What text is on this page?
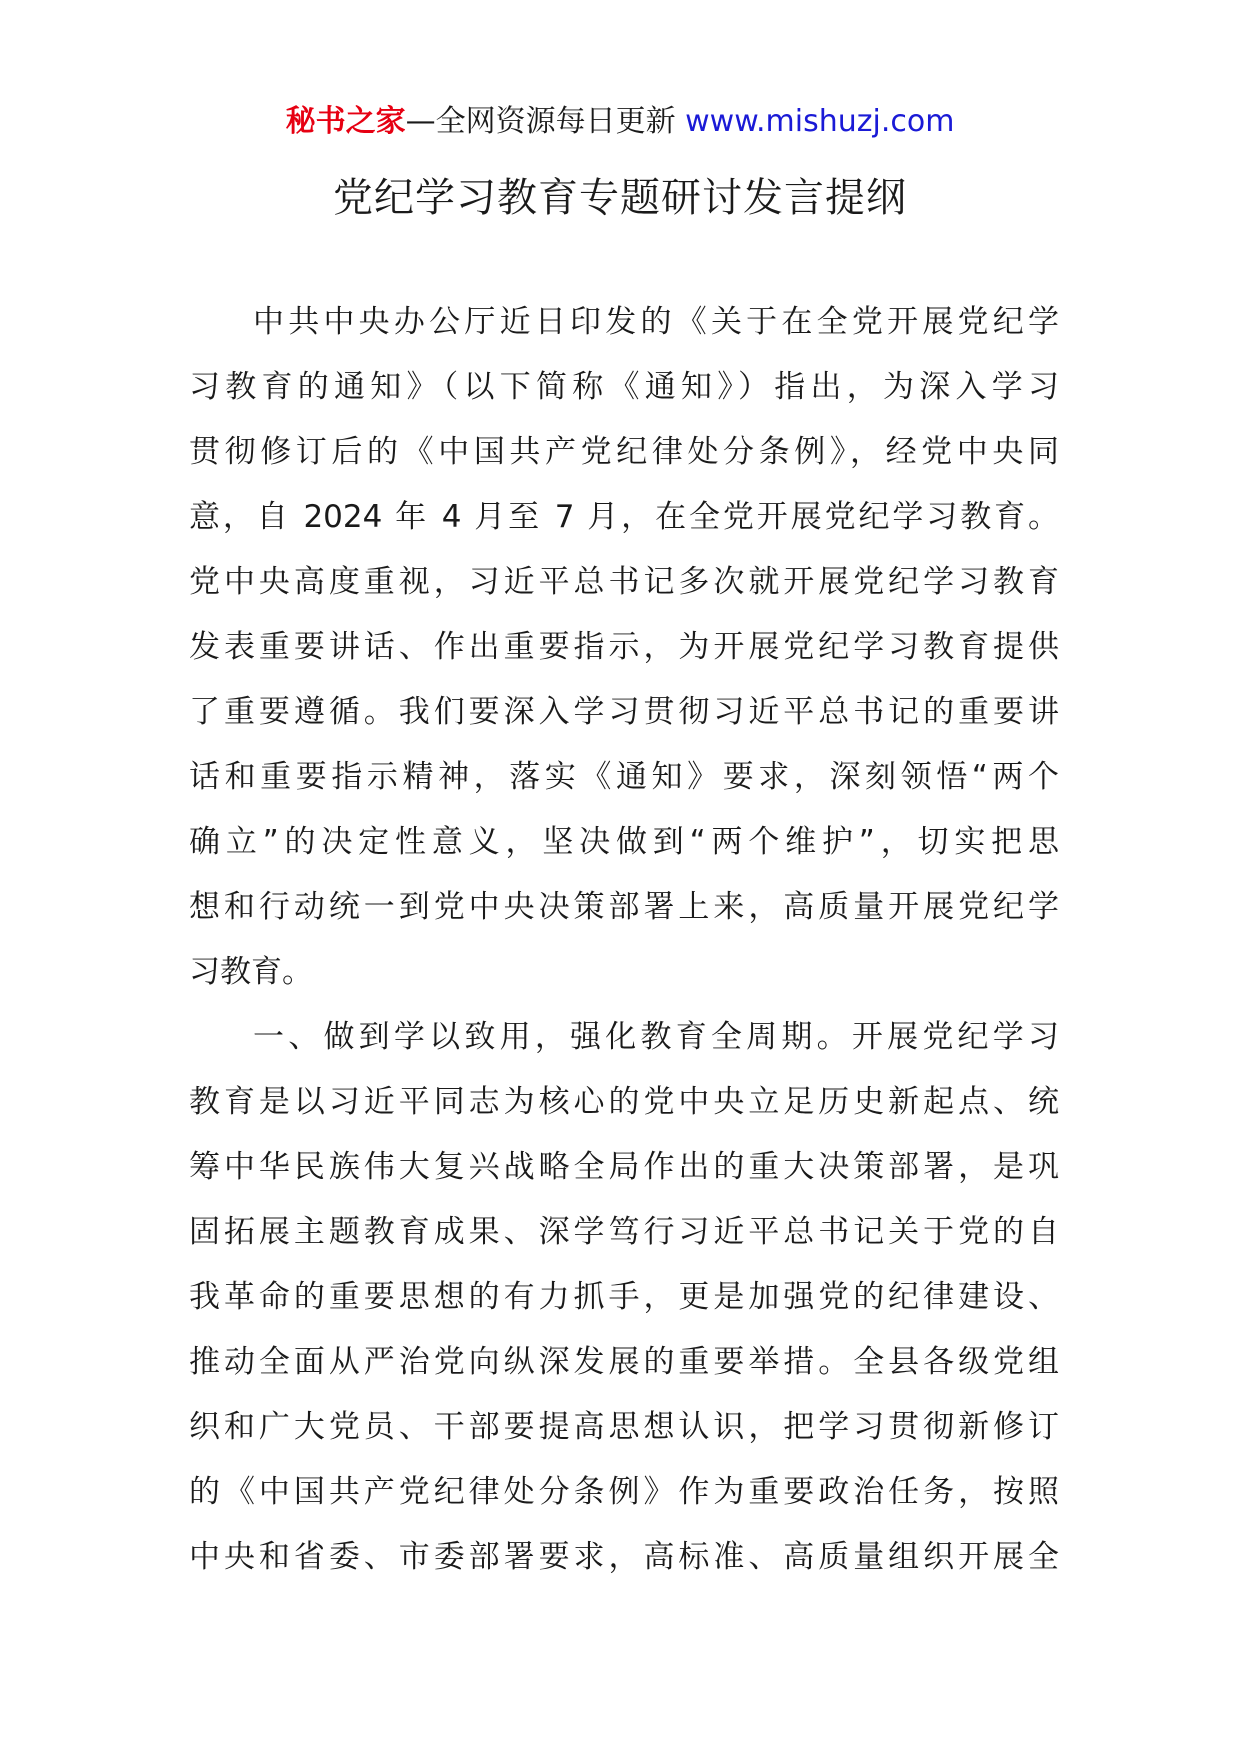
秘书之家—全网资源每日更新 www.mishuzj.com
党纪学习教育专题研讨发言提纲
中共中央办公厅近日印发的《关于在全党开展党纪学
习教育的通知》（以下简称《通知》）指出，为深入学习
贯彻修订后的《中国共产党纪律处分条例》，经党中央同
意，自 2024 年 4 月至 7 月，在全党开展党纪学习教育。
党中央高度重视，习近平总书记多次就开展党纪学习教育
发表重要讲话、作出重要指示，为开展党纪学习教育提供
了重要遵循。我们要深入学习贯彻习近平总书记的重要讲
话和重要指示精神，落实《通知》要求，深刻领悟“两个
确立”的决定性意义，坚决做到“两个维护”，切实把思
想和行动统一到党中央决策部署上来，高质量开展党纪学
习教育。
一、做到学以致用，强化教育全周期。开展党纪学习
教育是以习近平同志为核心的党中央立足历史新起点、统
筹中华民族伟大复兴战略全局作出的重大决策部署，是巩
固拓展主题教育成果、深学笃行习近平总书记关于党的自
我革命的重要思想的有力抓手，更是加强党的纪律建设、
推动全面从严治党向纵深发展的重要举措。全县各级党组
织和广大党员、干部要提高思想认识，把学习贯彻新修订
的《中国共产党纪律处分条例》作为重要政治任务，按照
中央和省委、市委部署要求，高标准、高质量组织开展全
